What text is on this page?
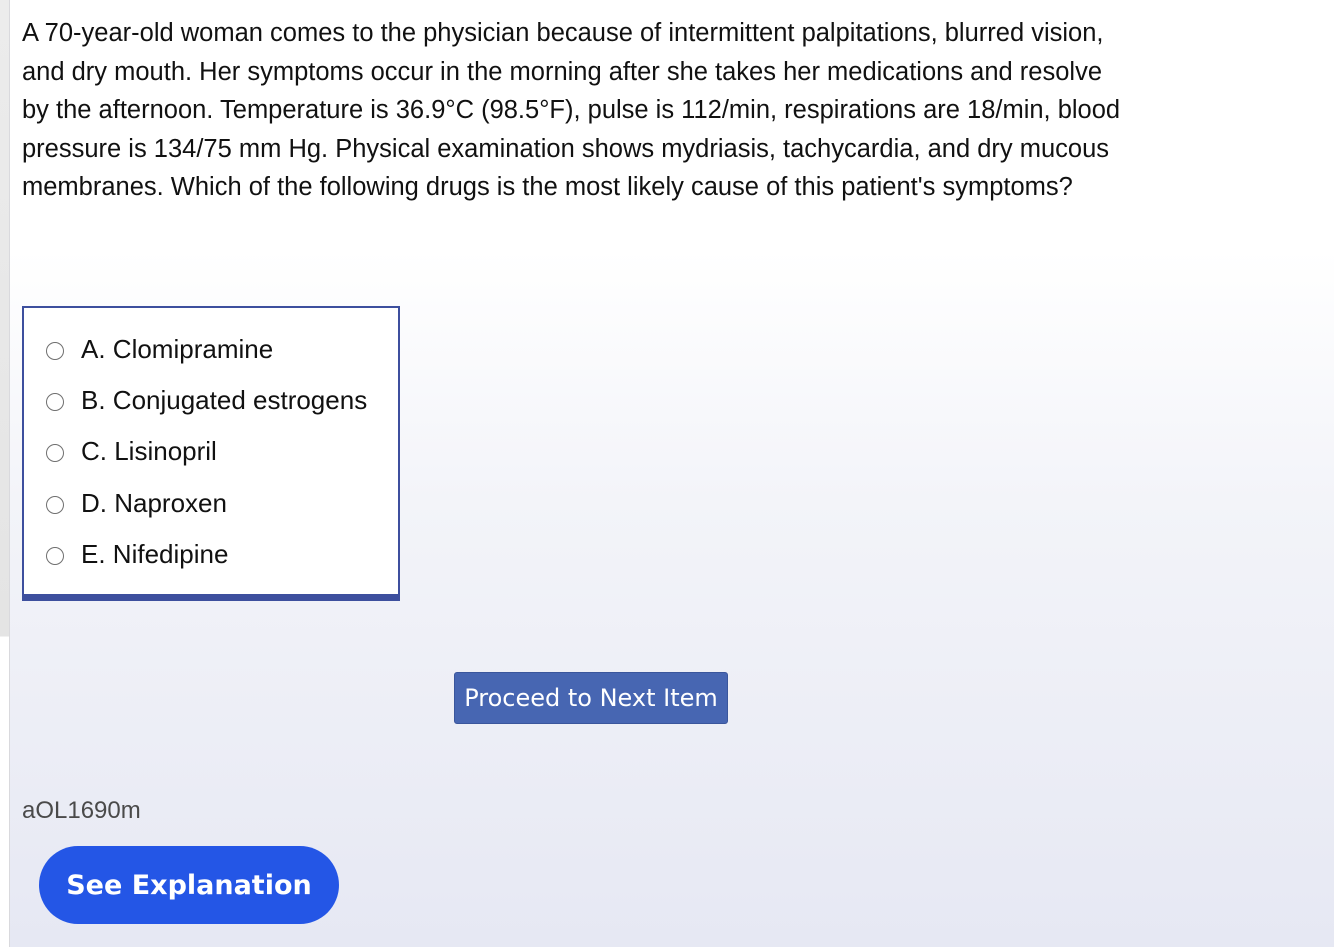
A 70-year-old woman comes to the physician because of intermittent palpitations, blurred vision, and dry mouth. Her symptoms occur in the morning after she takes her medications and resolve by the afternoon. Temperature is 36.9°C (98.5°F), pulse is 112/min, respirations are 18/min, blood pressure is 134/75 mm Hg. Physical examination shows mydriasis, tachycardia, and dry mucous membranes. Which of the following drugs is the most likely cause of this patient's symptoms?

A. Clomipramine
B. Conjugated estrogens
C. Lisinopril
D. Naproxen
E. Nifedipine
Proceed to Next Item
aOL1690m
See Explanation
